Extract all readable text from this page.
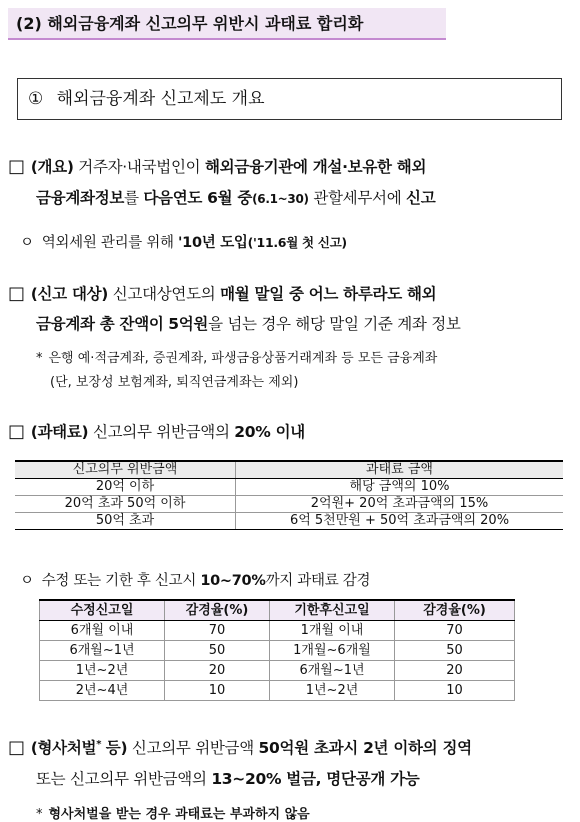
(2) 해외금융계좌 신고의무 위반시 과태료 합리화
① 해외금융계좌 신고제도 개요
□ (개요) 거주자·내국법인이 해외금융기관에 개설·보유한 해외
금융계좌정보를 다음연도 6월 중(6.1~30) 관할세무서에 신고
ㅇ 역외세원 관리를 위해 '10년 도입('11.6월 첫 신고)
□ (신고 대상) 신고대상연도의 매월 말일 중 어느 하루라도 해외
금융계좌 총 잔액이 5억원을 넘는 경우 해당 말일 기준 계좌 정보
* 은행 예·적금계좌, 증권계좌, 파생금융상품거래계좌 등 모든 금융계좌
(단, 보장성 보험계좌, 퇴직연금계좌는 제외)
□ (과태료) 신고의무 위반금액의 20% 이내
신고의무 위반금액	과태료 금액
20억 이하	해당 금액의 10%
20억 초과 50억 이하	2억원+ 20억 초과금액의 15%
50억 초과	6억 5천만원 + 50억 초과금액의 20%
ㅇ 수정 또는 기한 후 신고시 10~70%까지 과태료 감경
수정신고일	감경율(%)	기한후신고일	감경율(%)
6개월 이내	70	1개월 이내	70
6개월~1년	50	1개월~6개월	50
1년~2년	20	6개월~1년	20
2년~4년	10	1년~2년	10
□ (형사처벌* 등) 신고의무 위반금액 50억원 초과시 2년 이하의 징역
또는 신고의무 위반금액의 13~20% 벌금, 명단공개 가능
* 형사처벌을 받는 경우 과태료는 부과하지 않음
